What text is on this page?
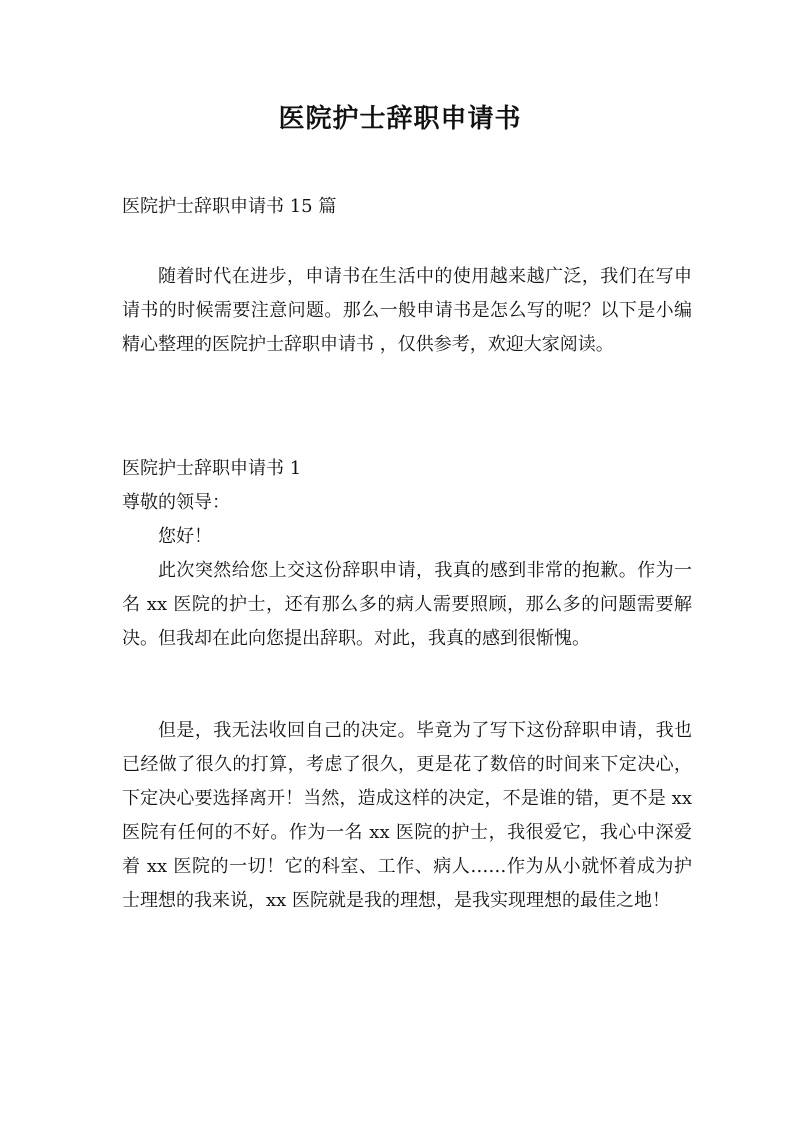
医院护士辞职申请书

医院护士辞职申请书 15 篇

随着时代在进步，申请书在生活中的使用越来越广泛，我们在写申请书的时候需要注意问题。那么一般申请书是怎么写的呢？以下是小编精心整理的医院护士辞职申请书 ，仅供参考，欢迎大家阅读。

医院护士辞职申请书 1

尊敬的领导：

您好！

此次突然给您上交这份辞职申请，我真的感到非常的抱歉。作为一名 xx 医院的护士，还有那么多的病人需要照顾，那么多的问题需要解决。但我却在此向您提出辞职。对此，我真的感到很惭愧。

但是，我无法收回自己的决定。毕竟为了写下这份辞职申请，我也已经做了很久的打算，考虑了很久，更是花了数倍的时间来下定决心，下定决心要选择离开！当然，造成这样的决定，不是谁的错，更不是 xx 医院有任何的不好。作为一名 xx 医院的护士，我很爱它，我心中深爱着 xx 医院的一切！它的科室、工作、病人……作为从小就怀着成为护士理想的我来说，xx 医院就是我的理想，是我实现理想的最佳之地！
